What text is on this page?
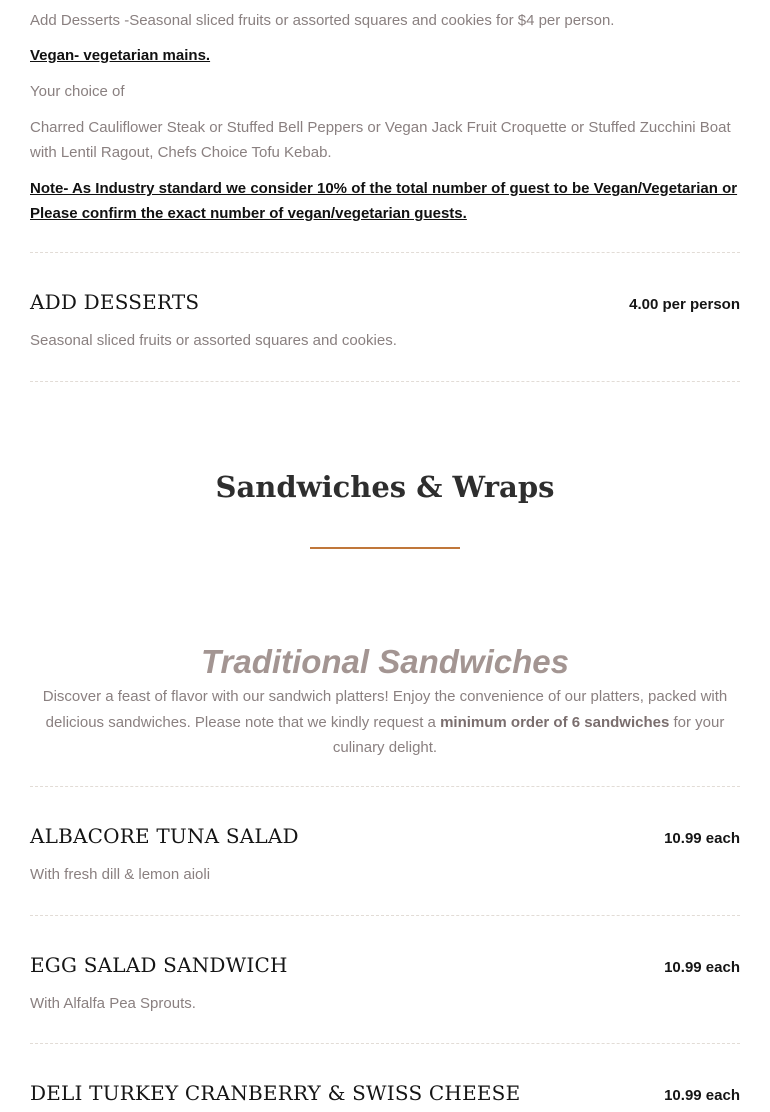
Add Desserts -Seasonal sliced fruits or assorted squares and cookies for $4 per person.

Vegan- vegetarian mains.

Your choice of

Charred Cauliflower Steak or Stuffed Bell Peppers or Vegan Jack Fruit Croquette or Stuffed Zucchini Boat with Lentil Ragout, Chefs Choice Tofu Kebab.

Note- As Industry standard we consider 10% of the total number of guest to be Vegan/Vegetarian or Please confirm the exact number of vegan/vegetarian guests.

ADD DESSERTS	4.00 per person
Seasonal sliced fruits or assorted squares and cookies.
Sandwiches & Wraps
Traditional Sandwiches
Discover a feast of flavor with our sandwich platters! Enjoy the convenience of our platters, packed with delicious sandwiches. Please note that we kindly request a minimum order of 6 sandwiches for your culinary delight.
ALBACORE TUNA SALAD	10.99 each
With fresh dill & lemon aioli
EGG SALAD SANDWICH	10.99 each
With Alfalfa Pea Sprouts.
DELI TURKEY CRANBERRY & SWISS CHEESE	10.99 each
